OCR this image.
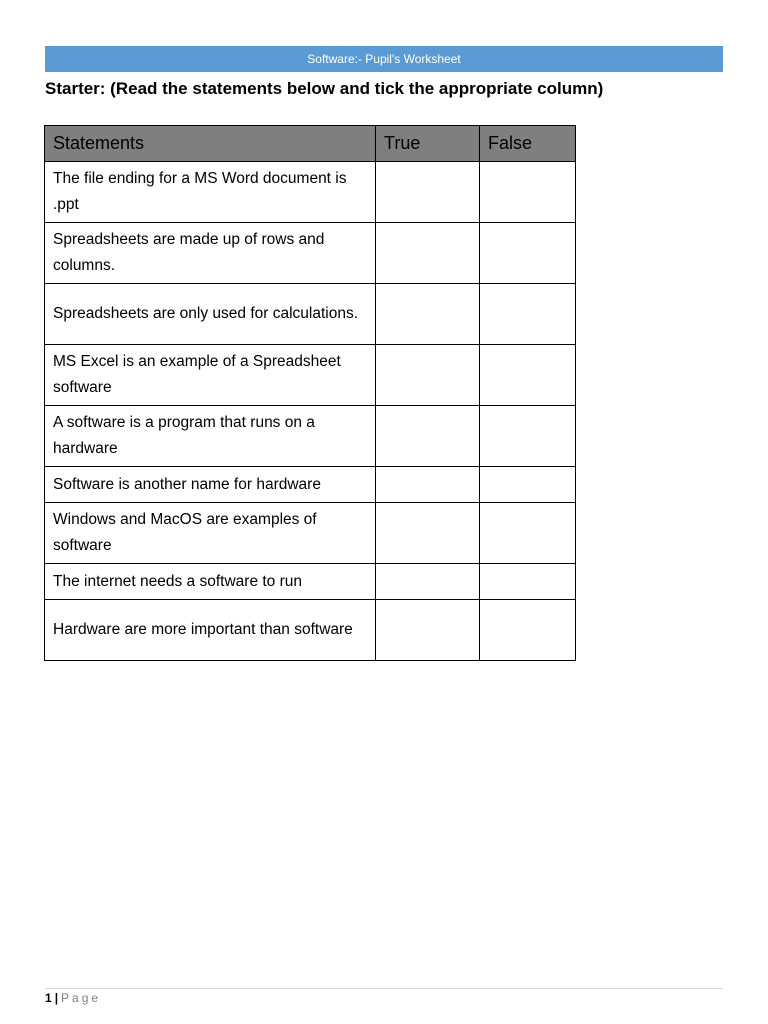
Software:- Pupil's Worksheet
Starter: (Read the statements below and tick the appropriate column)
Statements	True	False
The file ending for a MS Word document is .ppt		
Spreadsheets are made up of rows and columns.		
Spreadsheets are only used for calculations.		
MS Excel is an example of a Spreadsheet software		
A software is a program that runs on a hardware		
Software is another name for hardware		
Windows and MacOS are examples of software		
The internet needs a software to run		
Hardware are more important than software		
1 | Page
